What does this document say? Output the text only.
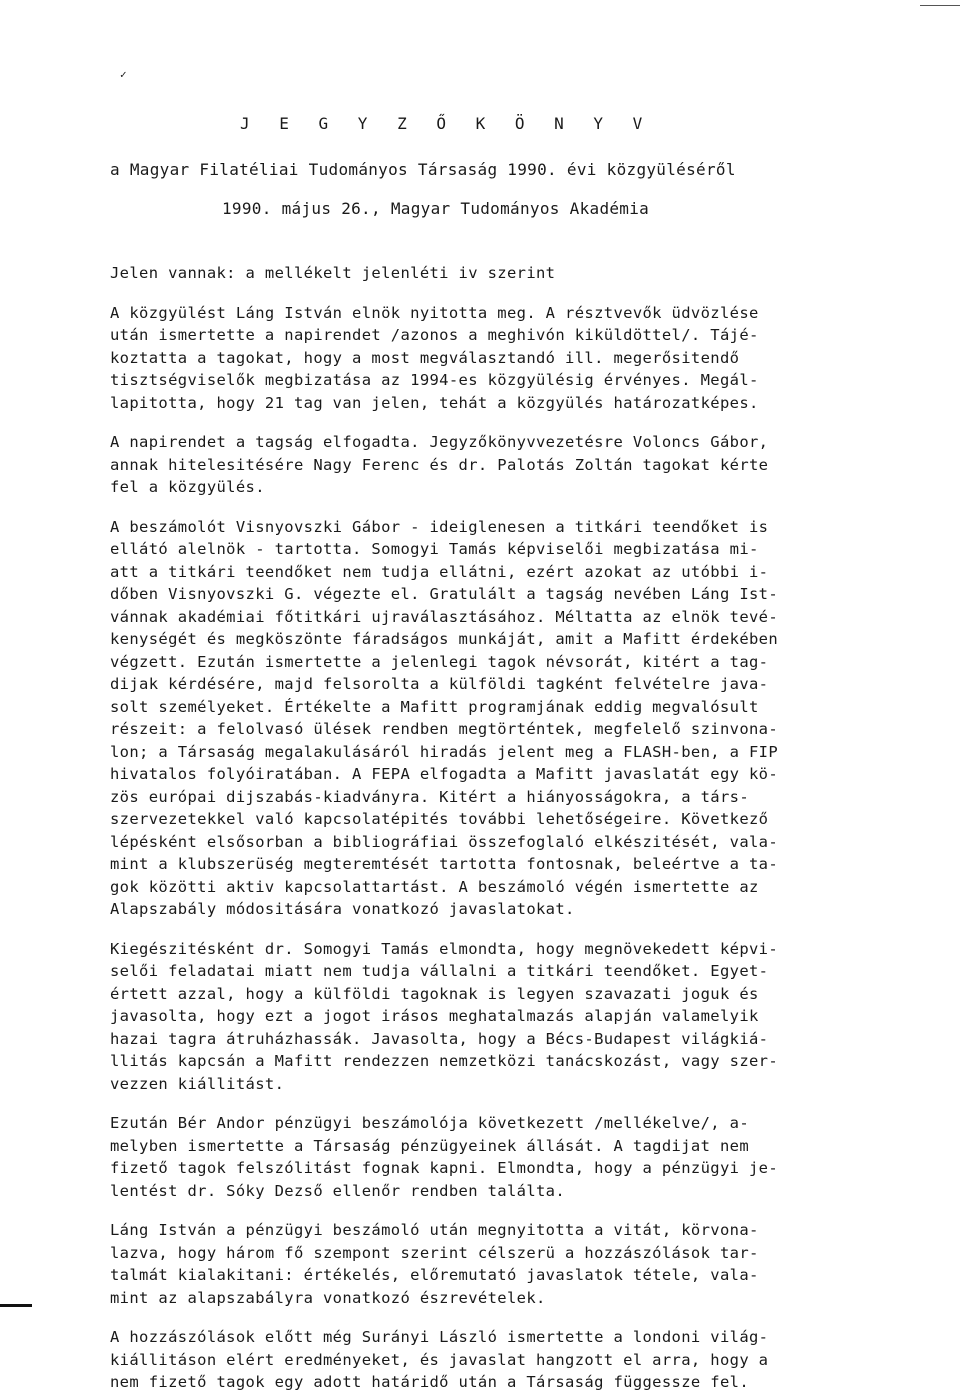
✓
J E G Y Z Ő K Ö N Y V
a Magyar Filatéliai Tudományos Társaság 1990. évi közgyüléséről
1990. május 26., Magyar Tudományos Akadémia
Jelen vannak: a mellékelt jelenléti iv szerint
A közgyülést Láng István elnök nyitotta meg. A résztvevők üdvözlése
után ismertette a napirendet /azonos a meghivón kiküldöttel/. Tájé-
koztatta a tagokat, hogy a most megválasztandó ill. megerősitendő
tisztségviselők megbizatása az 1994-es közgyülésig érvényes. Megál-
lapitotta, hogy 21 tag van jelen, tehát a közgyülés határozatképes.
A napirendet a tagság elfogadta. Jegyzőkönyvvezetésre Voloncs Gábor,
annak hitelesitésére Nagy Ferenc és dr. Palotás Zoltán tagokat kérte
fel a közgyülés.
A beszámolót Visnyovszki Gábor - ideiglenesen a titkári teendőket is
ellátó alelnök - tartotta. Somogyi Tamás képviselői megbizatása mi-
att a titkári teendőket nem tudja ellátni, ezért azokat az utóbbi i-
dőben Visnyovszki G. végezte el. Gratulált a tagság nevében Láng Ist-
vánnak akadémiai főtitkári ujraválasztásához. Méltatta az elnök tevé-
kenységét és megköszönte fáradságos munkáját, amit a Mafitt érdekében
végzett. Ezután ismertette a jelenlegi tagok névsorát, kitért a tag-
dijak kérdésére, majd felsorolta a külföldi tagként felvételre java-
solt személyeket. Értékelte a Mafitt programjának eddig megvalósult
részeit: a felolvasó ülések rendben megtörténtek, megfelelő szinvona-
lon; a Társaság megalakulásáról hiradás jelent meg a FLASH-ben, a FIP
hivatalos folyóiratában. A FEPA elfogadta a Mafitt javaslatát egy kö-
zös európai dijszabás-kiadványra. Kitért a hiányosságokra, a társ-
szervezetekkel való kapcsolatépités további lehetőségeire. Következő
lépésként elsősorban a bibliográfiai összefoglaló elkészitését, vala-
mint a klubszerüség megteremtését tartotta fontosnak, beleértve a ta-
gok közötti aktiv kapcsolattartást. A beszámoló végén ismertette az
Alapszabály módositására vonatkozó javaslatokat.
Kiegészitésként dr. Somogyi Tamás elmondta, hogy megnövekedett képvi-
selői feladatai miatt nem tudja vállalni a titkári teendőket. Egyet-
értett azzal, hogy a külföldi tagoknak is legyen szavazati joguk és
javasolta, hogy ezt a jogot irásos meghatalmazás alapján valamelyik
hazai tagra átruházhassák. Javasolta, hogy a Bécs-Budapest világkiá-
llitás kapcsán a Mafitt rendezzen nemzetközi tanácskozást, vagy szer-
vezzen kiállitást.
Ezután Bér Andor pénzügyi beszámolója következett /mellékelve/, a-
melyben ismertette a Társaság pénzügyeinek állását. A tagdijat nem
fizető tagok felszólitást fognak kapni. Elmondta, hogy a pénzügyi je-
lentést dr. Sóky Dezső ellenőr rendben találta.
Láng István a pénzügyi beszámoló után megnyitotta a vitát, körvona-
lazva, hogy három fő szempont szerint célszerü a hozzászólások tar-
talmát kialakitani: értékelés, előremutató javaslatok tétele, vala-
mint az alapszabályra vonatkozó észrevételek.
A hozzászólások előtt még Surányi László ismertette a londoni világ-
kiállitáson elért eredményeket, és javaslat hangzott el arra, hogy a
nem fizető tagok egy adott határidő után a Társaság függessze fel.
